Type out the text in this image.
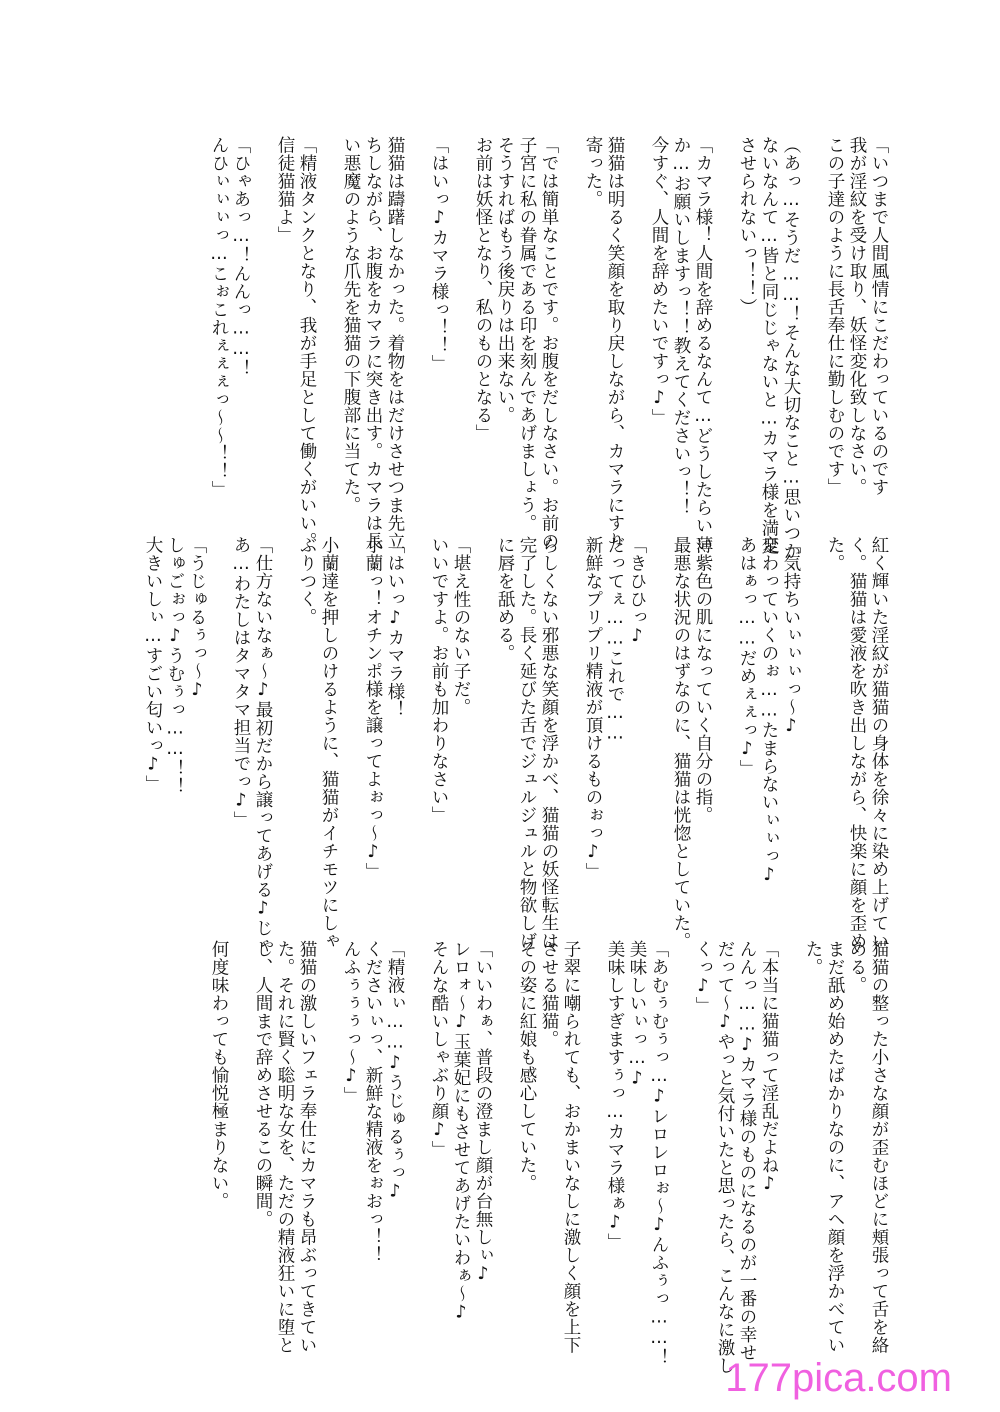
「いつまで人間風情にこだわっているのです
我が淫紋を受け取り、妖怪変化致しなさい。
この子達のように長舌奉仕に勤しむのです」
（あっ…そうだ……！そんな大切なこと…思いつか
ないなんて…皆と同じじゃないと…カマラ様を満足
させられないっ！！）
「カマラ様！人間を辞めるなんて…どうしたらいい
か…お願いしますっ！！教えてくださいっ！！
今すぐ、人間を辞めたいですっ♪」
猫猫は明るく笑顔を取り戻しながら、カマラにすり
寄った。
「では簡単なことです。お腹をだしなさい。お前の
子宮に私の眷属である印を刻んであげましょう。
そうすればもう後戻りは出来ない。
お前は妖怪となり、私のものとなる」
「はいっ♪カマラ様っ！！」
猫猫は躊躇しなかった。着物をはだけさせつま先立
ちしながら、お腹をカマラに突き出す。カマラは長
い悪魔のような爪先を猫猫の下腹部に当てた。
「精液タンクとなり、我が手足として働くがいい。
信徒猫猫よ」
「ひゃあっ…！んんっ……！
んひぃぃぃっ…こぉこれぇぇぇっ〜〜！！」
紅く輝いた淫紋が猫猫の身体を徐々に染め上げてい
く。猫猫は愛液を吹き出しながら、快楽に顔を歪め
た。
「気持ちいぃぃぃっ〜♪
変わっていくのぉ……たまらないぃぃっ♪
あはぁっ……だめぇぇっ♪」
薄紫色の肌になっていく自分の指。
最悪な状況のはずなのに、猫猫は恍惚としていた。
「きひひっ♪
だってぇ……これで……
新鮮なプリプリ精液が頂けるものぉっ♪」
らしくない邪悪な笑顔を浮かべ、猫猫の妖怪転生は
完了した。長く延びた舌でジュルジュルと物欲しげ
に唇を舐める。
「堪え性のない子だ。
いいですよ。お前も加わりなさい」
「はいっ♪カマラ様！
小蘭っ！オチンポ様を譲ってよぉっ〜♪」
小蘭達を押しのけるように、猫猫がイチモツにしゃ
ぶりつく。
「仕方ないなぁ〜♪最初だから譲ってあげる♪じゃ
あ…わたしはタマタマ担当でっ♪」
「うじゅるぅっ〜♪
しゅごぉっ♪うむぅっ……！！
大きいしぃ…すごい匂いっ♪」
猫猫の整った小さな顔が歪むほどに頬張って舌を絡
める。
まだ舐め始めたばかりなのに、アヘ顔を浮かべてい
た。
「本当に猫猫って淫乱だよね♪
んんっ……♪カマラ様のものになるのが一番の幸せ
だって〜♪やっと気付いたと思ったら、こんなに激し
くっ♪」
「あむぅむぅっ…♪レロレロぉ〜♪んふぅっ……！
美味しいぃっ…♪
美味しすぎますぅっ…カマラ様ぁ♪」
子翠に嘲られても、おかまいなしに激しく顔を上下
させる猫猫。
その姿に紅娘も感心していた。
「いいわぁ、普段の澄まし顔が台無しぃ♪
レロォ〜♪玉葉妃にもさせてあげたいわぁ〜♪
そんな酷いしゃぶり顔♪」
「精液ぃ……♪うじゅるぅっ♪
くださいぃっ、新鮮な精液をぉおっ！！
んふぅぅぅっ〜♪」
猫猫の激しいフェラ奉仕にカマラも昂ぶってきてい
た。それに賢く聡明な女を、ただの精液狂いに堕と
し、人間まで辞めさせるこの瞬間。
何度味わっても愉悦極まりない。
177pica.com
